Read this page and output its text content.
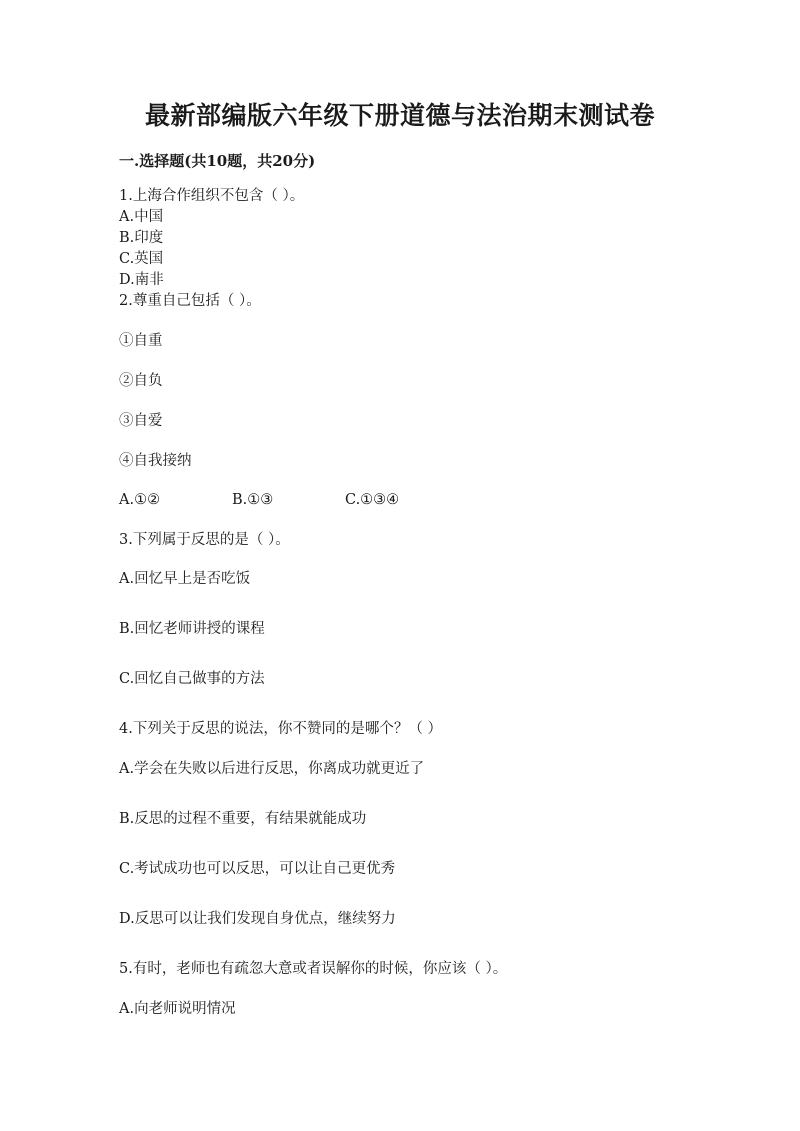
最新部编版六年级下册道德与法治期末测试卷
一.选择题(共10题，共20分)
1.上海合作组织不包含（ ）。
A.中国
B.印度
C.英国
D.南非
2.尊重自己包括（ ）。
①自重
②自负
③自爱
④自我接纳
A.①②	B.①③	C.①③④
3.下列属于反思的是（ ）。
A.回忆早上是否吃饭
B.回忆老师讲授的课程
C.回忆自己做事的方法
4.下列关于反思的说法，你不赞同的是哪个？（ ）
A.学会在失败以后进行反思，你离成功就更近了
B.反思的过程不重要，有结果就能成功
C.考试成功也可以反思，可以让自己更优秀
D.反思可以让我们发现自身优点，继续努力
5.有时，老师也有疏忽大意或者误解你的时候，你应该（ ）。
A.向老师说明情况
